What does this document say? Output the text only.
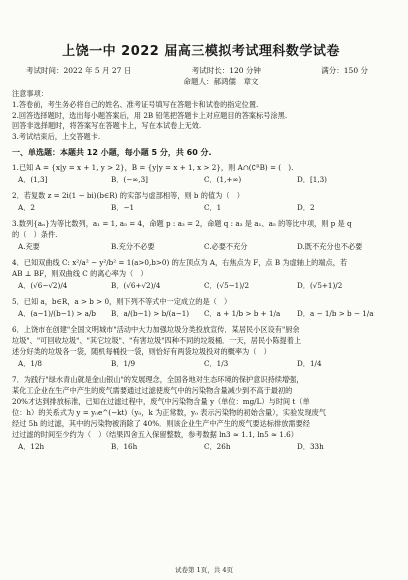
上饶一中 2022 届高三模拟考试理科数学试卷
考试时间：2022 年 5 月 27 日	考试时长：120 分钟	满分：150 分
命题人：郝鸿儒　章文
注意事项：
1.答卷前，考生务必将自己的姓名、准考证号填写在答题卡和试卷的指定位置.
2.回答选择题时，选出每小题答案后，用 2B 铅笔把答题卡上对应题目的答案标号涂黑.
回答非选择题时，将答案写在答题卡上，写在本试卷上无效.
3.考试结束后，上交答题卡.
一、单选题：本题共 12 小题，每小题 5 分，共 60 分.
1.已知 A = {x|y = x + 1, y > 2}，B = {y|y = x + 1, x > 2}，则 A∩(∁ᴿB) = (　).
A．(1,3]	B．(−∞,3]	C．(1,+∞)	D．[1,3)
2．若复数 z = 2i(1 − bi)(b∈R) 的实部与虚部相等，则 b 的值为（　）
A．2	B．−1	C．1	D．2
3.数列{aₙ}为等比数列，a₁ = 1, a₅ = 4，命题 p : a₃ = 2，命题 q : a₃ 是 a₁、a₅ 的等比中项，则 p 是 q
的（　）条件.
A.充要	B.充分不必要	C.必要不充分	D.既不充分也不必要
4．已知双曲线 C: x²/a² − y²/b² = 1(a>0,b>0) 的左顶点为 A，右焦点为 F，点 B 为虚轴上的端点，若
AB ⊥ BF，则双曲线 C 的离心率为（　）
A．(√6−√2)/4	B．(√6+√2)/4	C．(√5−1)/2	D．(√5+1)/2
5．已知 a，b∈R，a > b > 0，则下列不等式中一定成立的是（　）
A．(a−1)/(b−1) > a/b	B．a/(b−1) > b/(a−1)	C．a + 1/b > b + 1/a	D．a − 1/b > b − 1/a
6．上饶市在创建"全国文明城市"活动中大力加强垃圾分类投放宣传．某居民小区设有"厨余
垃圾"、"可回收垃圾"、"其它垃圾"、"有害垃圾"四种不同的垃圾桶．一天，居民小陈提着上
述分好类的垃圾各一袋，随机每桶投一袋，则恰好有两袋垃圾投对的概率为（　）
A．1/8	B．1/9	C．1/3	D．1/4
7．为践行"绿水青山就是金山银山"的发展理念，全国各地对生态环境的保护意识持续增强，
某化工企业在生产中产生的废气需要通过过滤使废气中的污染物含量减少到不高于最初的
20%才达到排放标准，已知在过滤过程中，废气中污染物含量 y（单位：mg/L）与时间 t（单
位：h）的关系式为 y = y₀e^(−kt)（y₀，k 为正常数，y₀ 表示污染物的初始含量），实验发现废气
经过 5h 的过滤，其中的污染物被消除了 40%．则该企业生产中产生的废气要达标排放需要经
过过滤的时间至少约为（　）（结果四舍五入保留整数，参考数据 ln3 ≈ 1.1, ln5 ≈ 1.6）
A．12h	B．16h	C．26h	D．33h
试卷第 1页，共 4页
